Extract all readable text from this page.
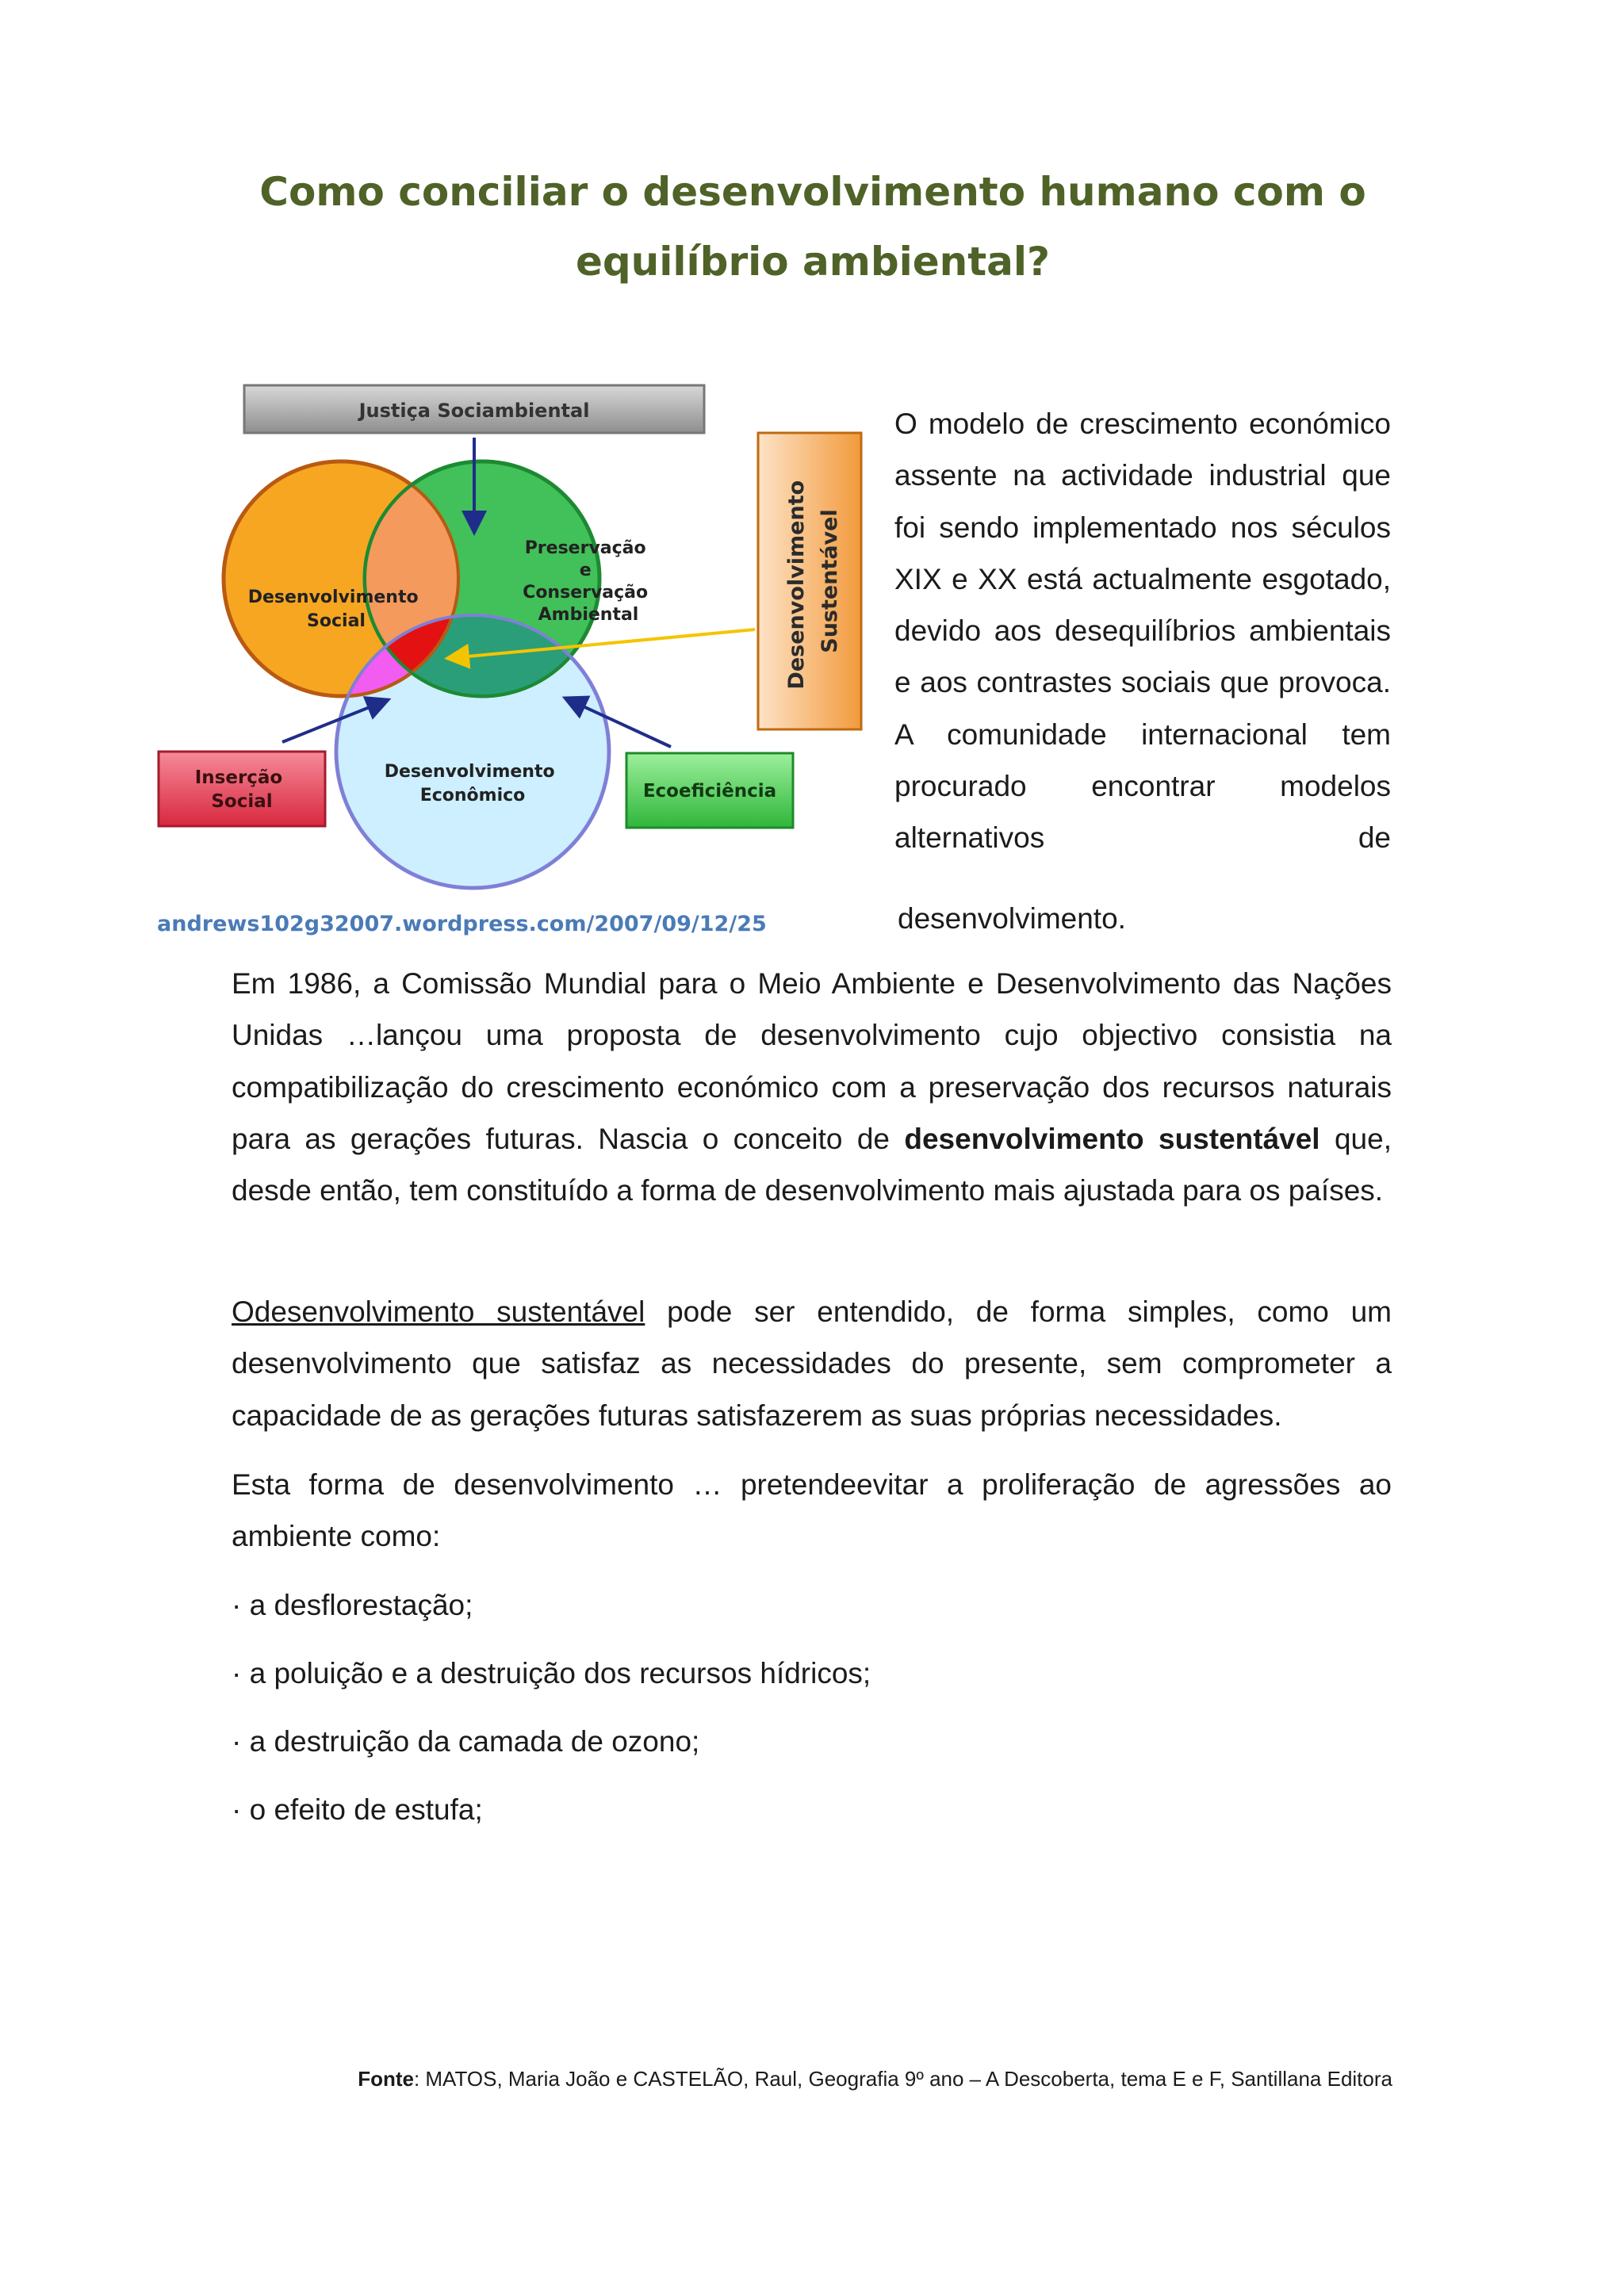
Como conciliar o desenvolvimento humano com o equilíbrio ambiental?
Justiça Sociambiental
Desenvolvimento Sustentável
Desenvolvimento Social
Preservação e Conservação Ambiental
Desenvolvimento Econômico
Inserção Social	Ecoeficiência
O modelo de crescimento económico assente na actividade industrial que foi sendo implementado nos séculos XIX e XX está actualmente esgotado, devido aos desequilíbrios ambientais e aos contrastes sociais que provoca. A comunidade internacional tem procurado encontrar modelos alternativos de
desenvolvimento.
andrews102g32007.wordpress.com/2007/09/12/25

Em 1986, a Comissão Mundial para o Meio Ambiente e Desenvolvimento das Nações Unidas …lançou uma proposta de desenvolvimento cujo objectivo consistia na compatibilização do crescimento económico com a preservação dos recursos naturais para as gerações futuras. Nascia o conceito de desenvolvimento sustentável que, desde então, tem constituído a forma de desenvolvimento mais ajustada para os países.

Odesenvolvimento sustentável pode ser entendido, de forma simples, como um desenvolvimento que satisfaz as necessidades do presente, sem comprometer a capacidade de as gerações futuras satisfazerem as suas próprias necessidades.

Esta forma de desenvolvimento … pretendeevitar a proliferação de agressões ao ambiente como:

· a desflorestação;

· a poluição e a destruição dos recursos hídricos;

· a destruição da camada de ozono;

· o efeito de estufa;

Fonte: MATOS, Maria João e CASTELÃO, Raul, Geografia 9º ano – A Descoberta, tema E e F, Santillana Editora
